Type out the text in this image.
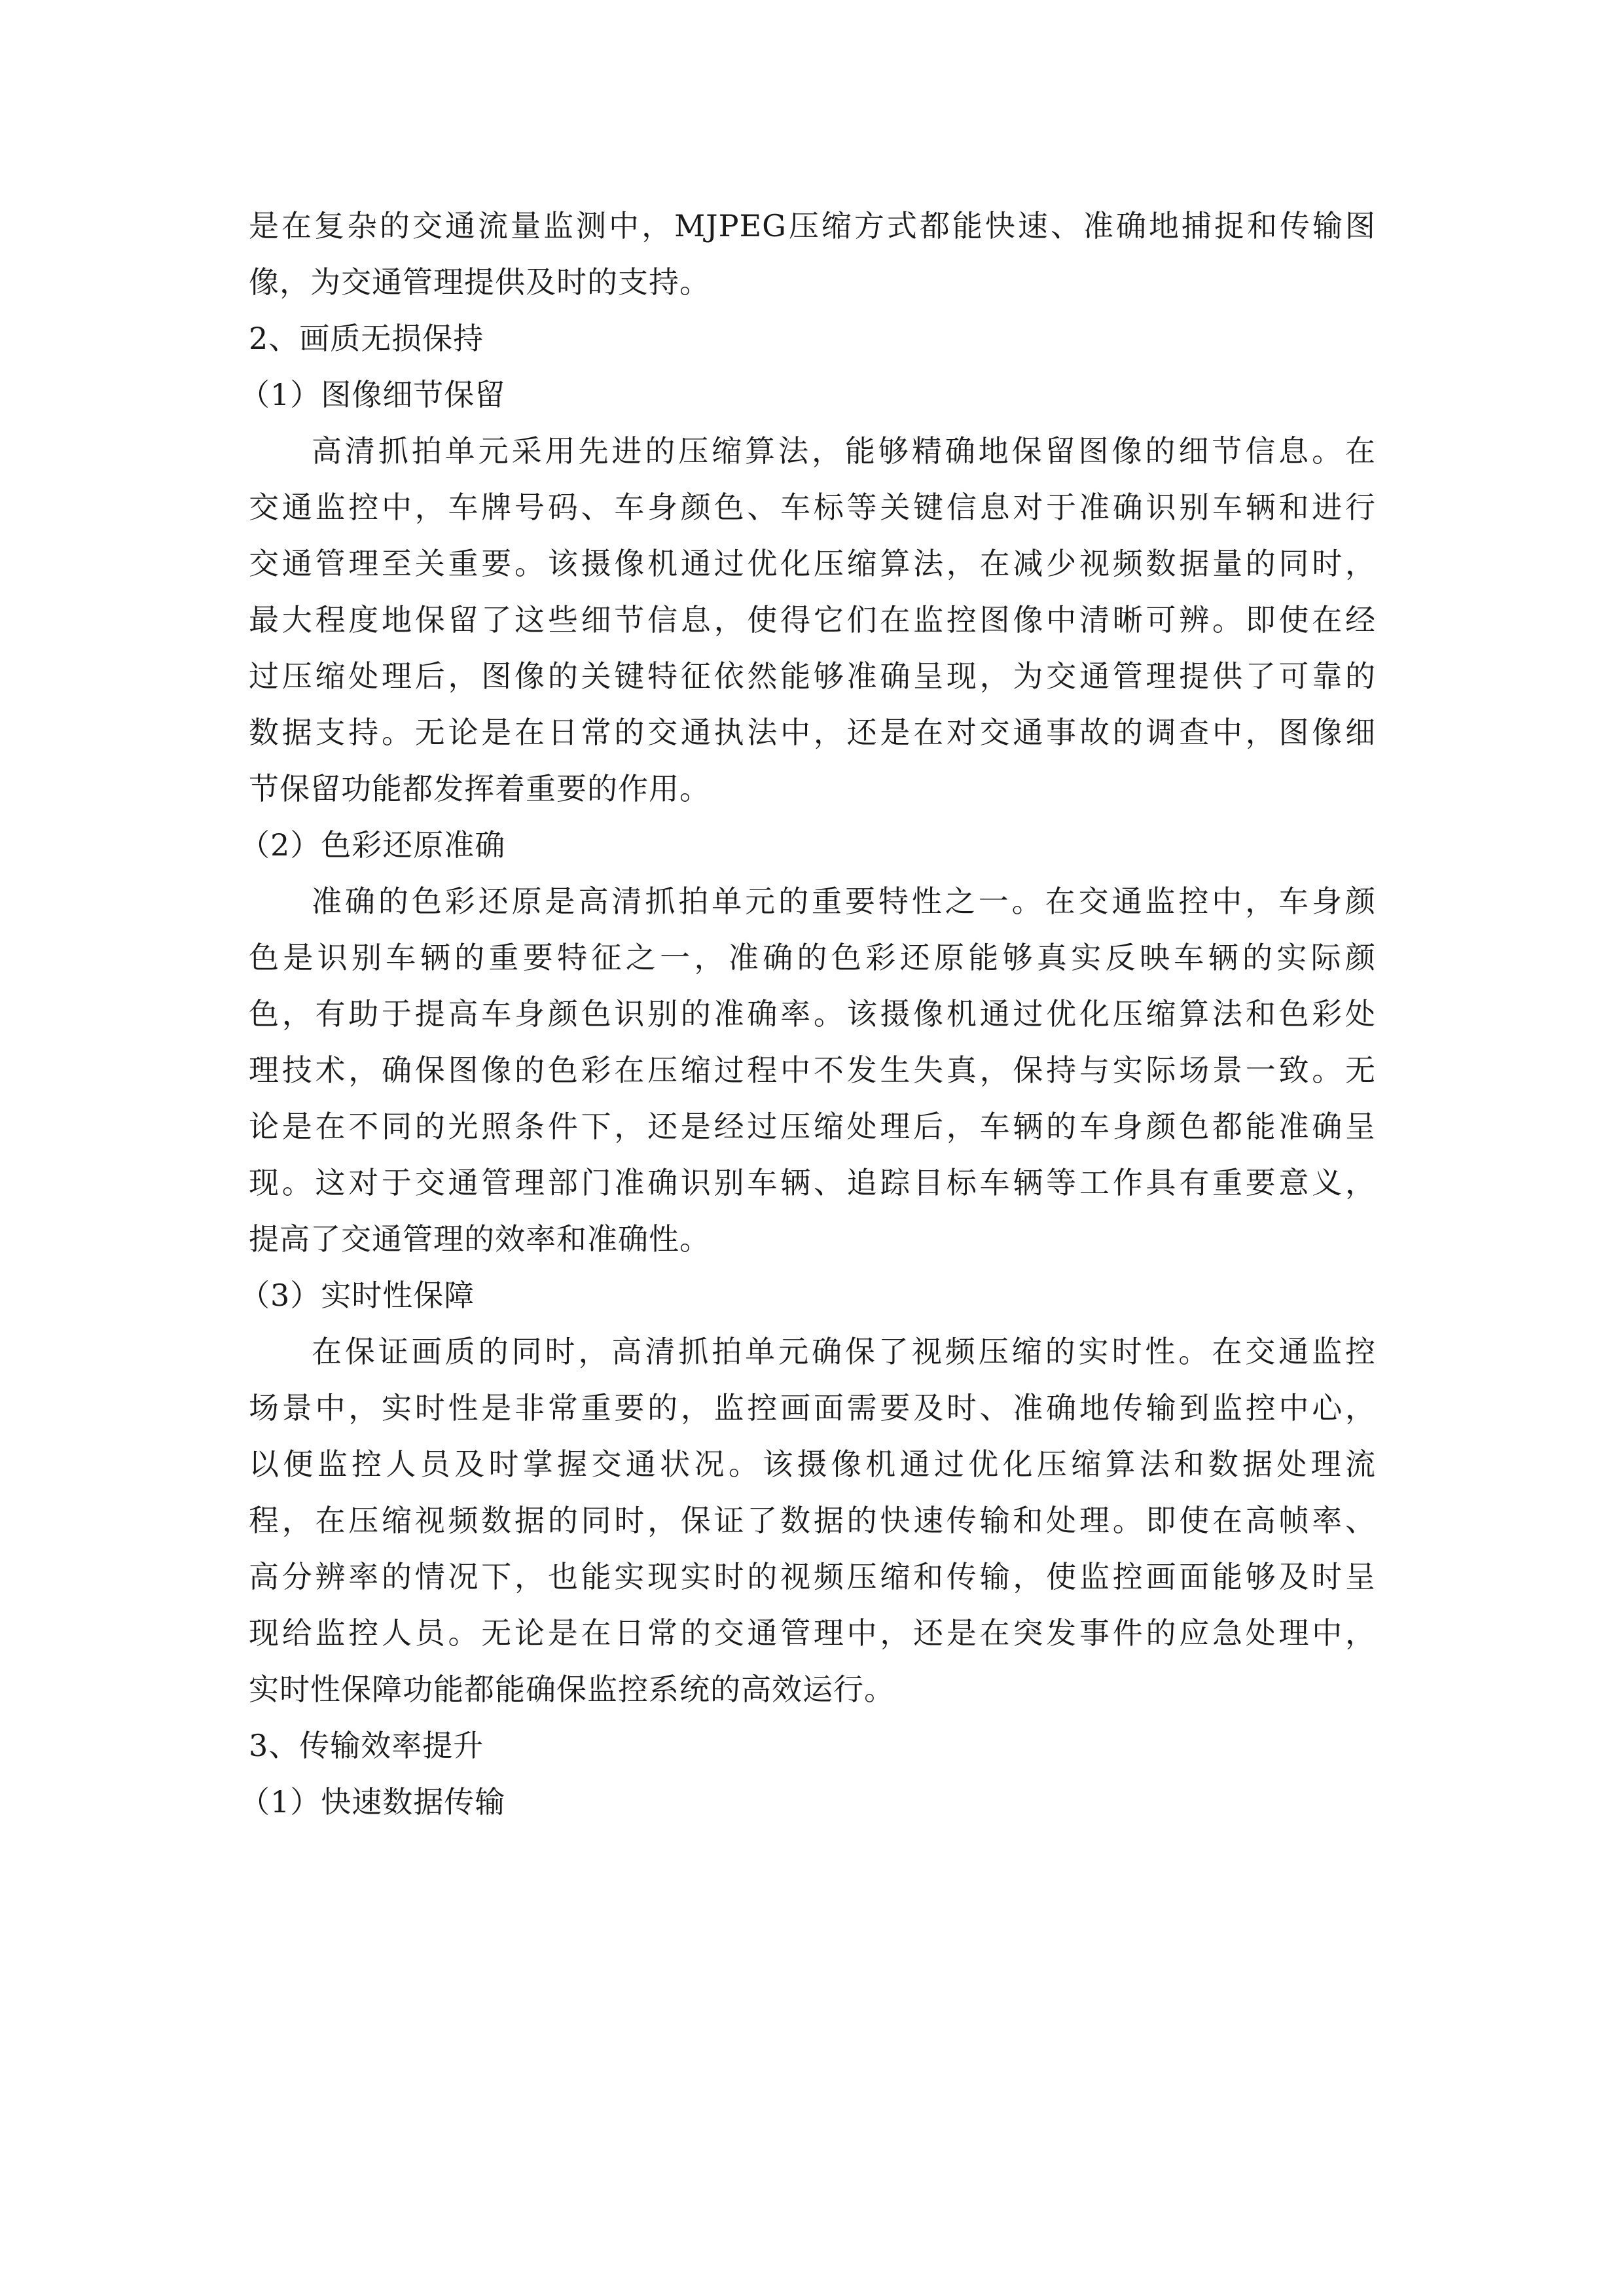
是在复杂的交通流量监测中，MJPEG压缩方式都能快速、准确地捕捉和传输图
像，为交通管理提供及时的支持。
2、画质无损保持
（1）图像细节保留
高清抓拍单元采用先进的压缩算法，能够精确地保留图像的细节信息。在
交通监控中，车牌号码、车身颜色、车标等关键信息对于准确识别车辆和进行
交通管理至关重要。该摄像机通过优化压缩算法，在减少视频数据量的同时，
最大程度地保留了这些细节信息，使得它们在监控图像中清晰可辨。即使在经
过压缩处理后，图像的关键特征依然能够准确呈现，为交通管理提供了可靠的
数据支持。无论是在日常的交通执法中，还是在对交通事故的调查中，图像细
节保留功能都发挥着重要的作用。
（2）色彩还原准确
准确的色彩还原是高清抓拍单元的重要特性之一。在交通监控中，车身颜
色是识别车辆的重要特征之一，准确的色彩还原能够真实反映车辆的实际颜
色，有助于提高车身颜色识别的准确率。该摄像机通过优化压缩算法和色彩处
理技术，确保图像的色彩在压缩过程中不发生失真，保持与实际场景一致。无
论是在不同的光照条件下，还是经过压缩处理后，车辆的车身颜色都能准确呈
现。这对于交通管理部门准确识别车辆、追踪目标车辆等工作具有重要意义，
提高了交通管理的效率和准确性。
（3）实时性保障
在保证画质的同时，高清抓拍单元确保了视频压缩的实时性。在交通监控
场景中，实时性是非常重要的，监控画面需要及时、准确地传输到监控中心，
以便监控人员及时掌握交通状况。该摄像机通过优化压缩算法和数据处理流
程，在压缩视频数据的同时，保证了数据的快速传输和处理。即使在高帧率、
高分辨率的情况下，也能实现实时的视频压缩和传输，使监控画面能够及时呈
现给监控人员。无论是在日常的交通管理中，还是在突发事件的应急处理中，
实时性保障功能都能确保监控系统的高效运行。
3、传输效率提升
（1）快速数据传输
